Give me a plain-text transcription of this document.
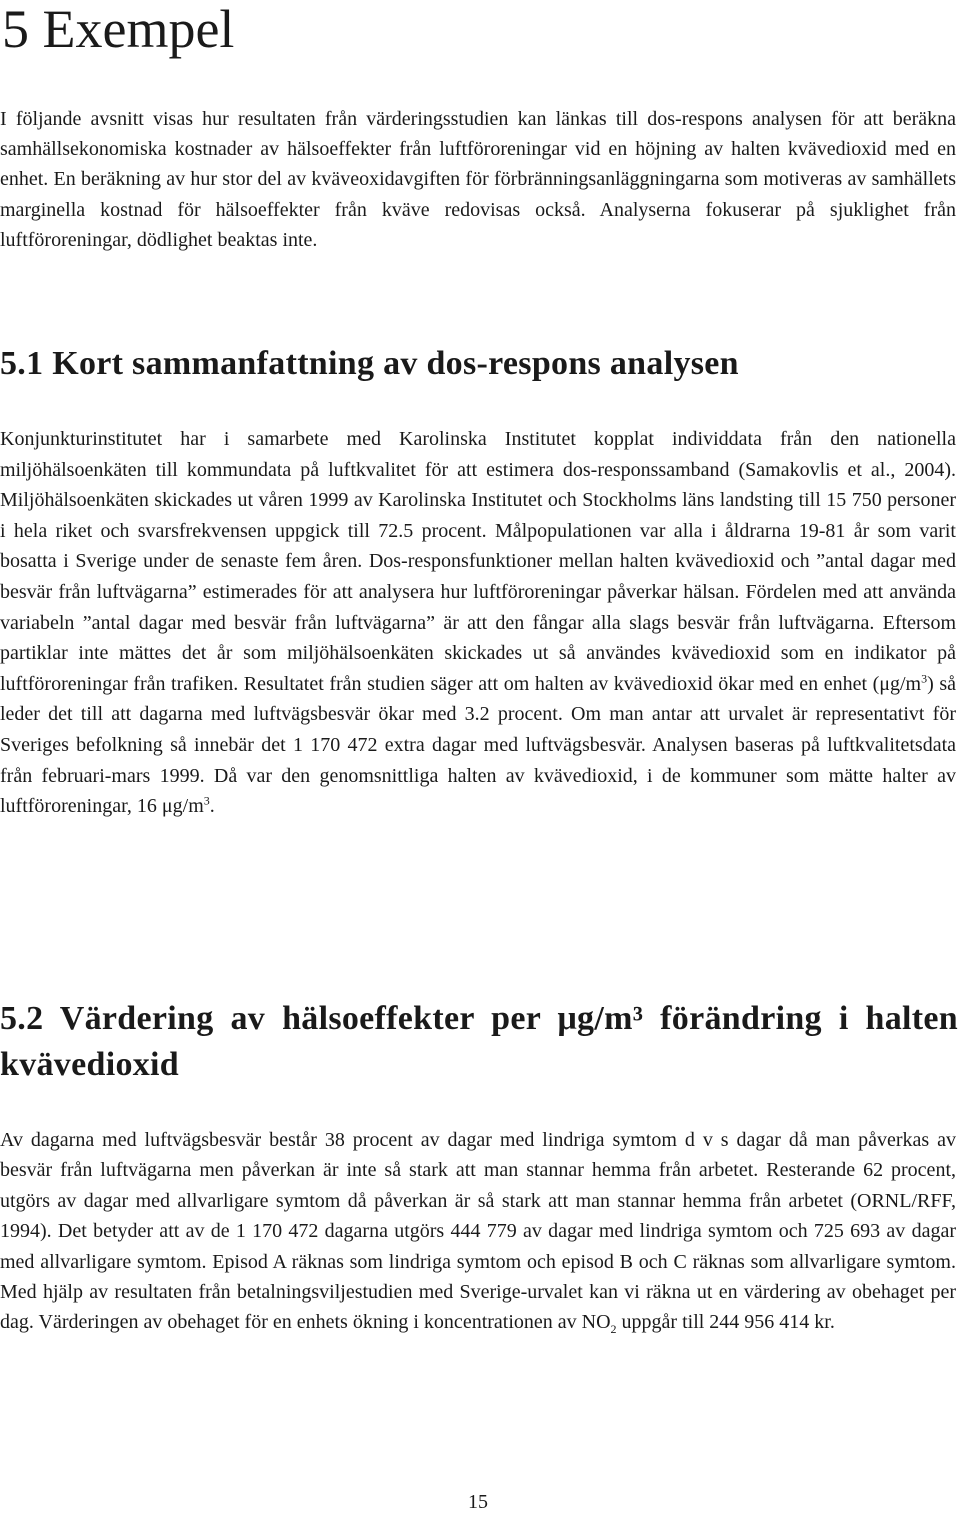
5 Exempel

I följande avsnitt visas hur resultaten från värderingsstudien kan länkas till dos-respons analysen för att beräkna samhällsekonomiska kostnader av hälsoeffekter från luftföroreningar vid en höjning av halten kvävedioxid med en enhet. En beräkning av hur stor del av kväveoxidavgiften för förbränningsanläggningarna som motiveras av samhällets marginella kostnad för hälsoeffekter från kväve redovisas också. Analyserna fokuserar på sjuklighet från luftföroreningar, dödlighet beaktas inte.

5.1 Kort sammanfattning av dos-respons analysen

Konjunkturinstitutet har i samarbete med Karolinska Institutet kopplat individdata från den nationella miljöhälsoenkäten till kommundata på luftkvalitet för att estimera dos-responssamband (Samakovlis et al., 2004). Miljöhälsoenkäten skickades ut våren 1999 av Karolinska Institutet och Stockholms läns landsting till 15 750 personer i hela riket och svarsfrekvensen uppgick till 72.5 procent. Målpopulationen var alla i åldrarna 19-81 år som varit bosatta i Sverige under de senaste fem åren. Dos-responsfunktioner mellan halten kvävedioxid och ”antal dagar med besvär från luftvägarna” estimerades för att analysera hur luftföroreningar påverkar hälsan. Fördelen med att använda variabeln ”antal dagar med besvär från luftvägarna” är att den fångar alla slags besvär från luftvägarna. Eftersom partiklar inte mättes det år som miljöhälsoenkäten skickades ut så användes kvävedioxid som en indikator på luftföroreningar från trafiken. Resultatet från studien säger att om halten av kvävedioxid ökar med en enhet $(\mu g/m^3)$ så leder det till att dagarna med luftvägsbesvär ökar med 3.2 procent. Om man antar att urvalet är representativt för Sveriges befolkning så innebär det 1 170 472 extra dagar med luftvägsbesvär. Analysen baseras på luftkvalitetsdata från februari-mars 1999. Då var den genomsnittliga halten av kvävedioxid, i de kommuner som mätte halter av luftföroreningar, 16 $\mu g/m^3$.

5.2 Värdering av hälsoeffekter per μg/m³ förändring i halten kvävedioxid

Av dagarna med luftvägsbesvär består 38 procent av dagar med lindriga symtom d v s dagar då man påverkas av besvär från luftvägarna men påverkan är inte så stark att man stannar hemma från arbetet. Resterande 62 procent, utgörs av dagar med allvarligare symtom då påverkan är så stark att man stannar hemma från arbetet (ORNL/RFF, 1994). Det betyder att av de 1 170 472 dagarna utgörs 444 779 av dagar med lindriga symtom och 725 693 av dagar med allvarligare symtom. Episod A räknas som lindriga symtom och episod B och C räknas som allvarligare symtom. Med hjälp av resultaten från betalningsviljestudien med Sverige-urvalet kan vi räkna ut en värdering av obehaget per dag. Värderingen av obehaget för en enhets ökning i koncentrationen av $NO_2$ uppgår till 244 956 414 kr.

15
